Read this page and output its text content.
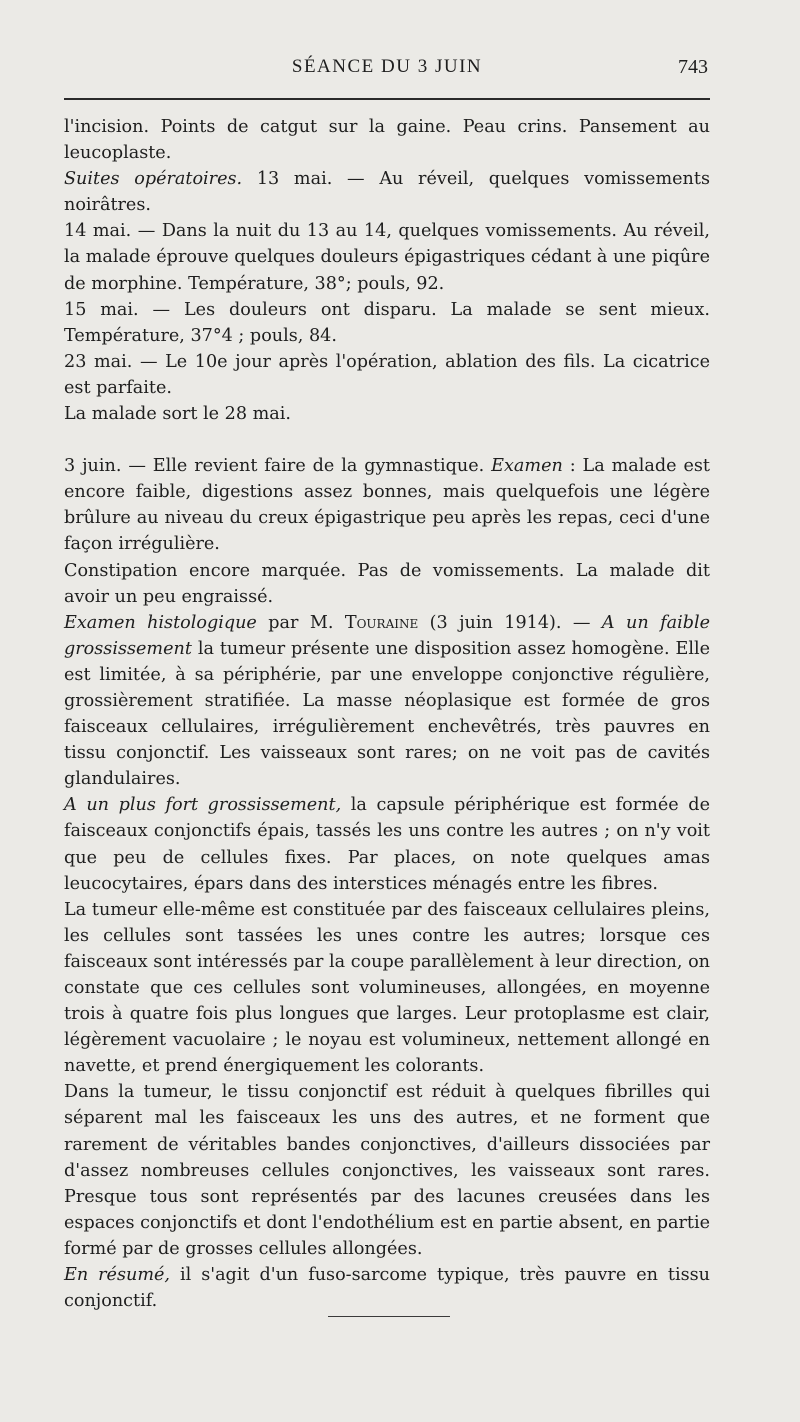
SÉANCE DU 3 JUIN	743

l'incision. Points de catgut sur la gaine. Peau crins. Pansement au leucoplaste.

Suites opératoires. 13 mai. — Au réveil, quelques vomissements noirâtres.

14 mai. — Dans la nuit du 13 au 14, quelques vomissements. Au réveil, la malade éprouve quelques douleurs épigastriques cédant à une piqûre de morphine. Température, 38°; pouls, 92.

15 mai. — Les douleurs ont disparu. La malade se sent mieux. Température, 37°4 ; pouls, 84.

23 mai. — Le 10e jour après l'opération, ablation des fils. La cicatrice est parfaite.

La malade sort le 28 mai.

3 juin. — Elle revient faire de la gymnastique. Examen : La malade est encore faible, digestions assez bonnes, mais quelquefois une légère brûlure au niveau du creux épigastrique peu après les repas, ceci d'une façon irrégulière.

Constipation encore marquée. Pas de vomissements. La malade dit avoir un peu engraissé.

Examen histologique par M. Touraine (3 juin 1914). — A un faible grossissement la tumeur présente une disposition assez homogène. Elle est limitée, à sa périphérie, par une enveloppe conjonctive régulière, grossièrement stratifiée. La masse néoplasique est formée de gros faisceaux cellulaires, irrégulièrement enchevêtrés, très pauvres en tissu conjonctif. Les vaisseaux sont rares; on ne voit pas de cavités glandulaires.

A un plus fort grossissement, la capsule périphérique est formée de faisceaux conjonctifs épais, tassés les uns contre les autres ; on n'y voit que peu de cellules fixes. Par places, on note quelques amas leucocytaires, épars dans des interstices ménagés entre les fibres.

La tumeur elle-même est constituée par des faisceaux cellulaires pleins, les cellules sont tassées les unes contre les autres; lorsque ces faisceaux sont intéressés par la coupe parallèlement à leur direction, on constate que ces cellules sont volumineuses, allongées, en moyenne trois à quatre fois plus longues que larges. Leur protoplasme est clair, légèrement vacuolaire ; le noyau est volumineux, nettement allongé en navette, et prend énergiquement les colorants.

Dans la tumeur, le tissu conjonctif est réduit à quelques fibrilles qui séparent mal les faisceaux les uns des autres, et ne forment que rarement de véritables bandes conjonctives, d'ailleurs dissociées par d'assez nombreuses cellules conjonctives, les vaisseaux sont rares. Presque tous sont représentés par des lacunes creusées dans les espaces conjonctifs et dont l'endothélium est en partie absent, en partie formé par de grosses cellules allongées.

En résumé, il s'agit d'un fuso-sarcome typique, très pauvre en tissu conjonctif.
